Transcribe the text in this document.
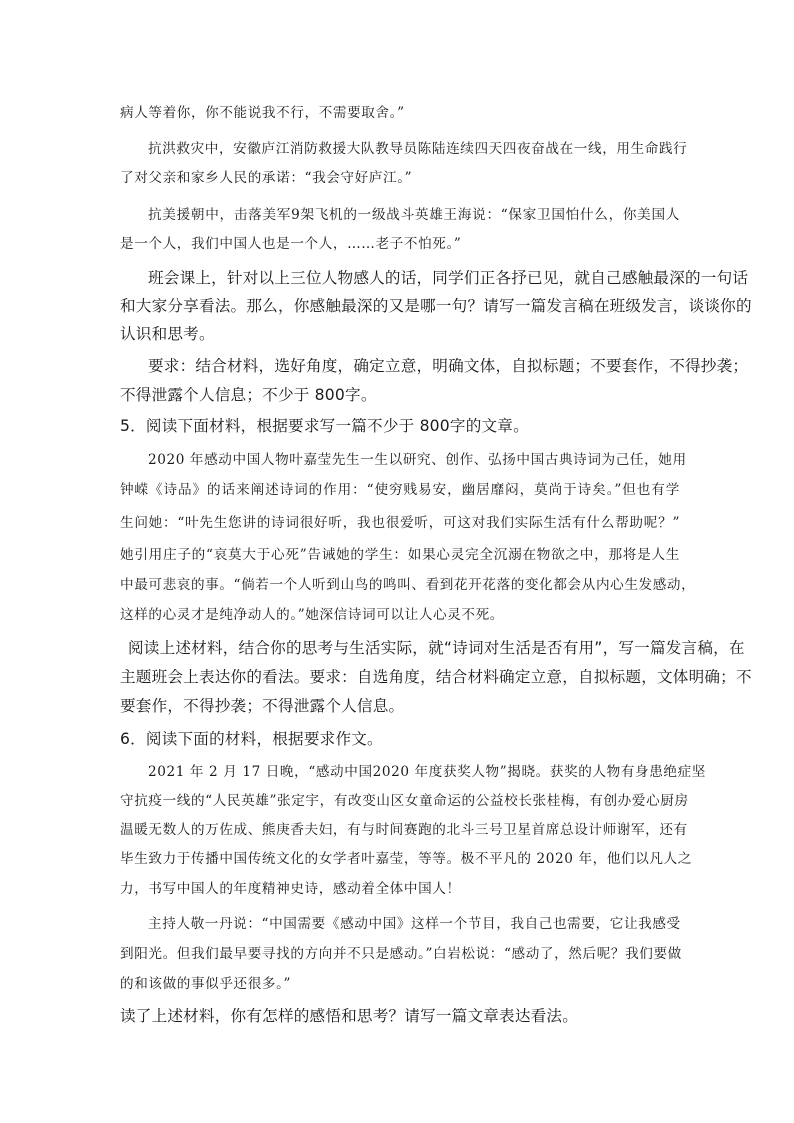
病人等着你，你不能说我不行，不需要取舍。”
抗洪救灾中，安徽庐江消防救援大队教导员陈陆连续四天四夜奋战在一线，用生命践行
了对父亲和家乡人民的承诺：“我会守好庐江。”
抗美援朝中，击落美军9架飞机的一级战斗英雄王海说：“保家卫国怕什么，你美国人
是一个人，我们中国人也是一个人，……老子不怕死。”
班会课上，针对以上三位人物感人的话，同学们正各抒已见，就自己感触最深的一句话
和大家分享看法。那么，你感触最深的又是哪一句？请写一篇发言稿在班级发言，谈谈你的
认识和思考。
要求：结合材料，选好角度，确定立意，明确文体，自拟标题；不要套作，不得抄袭；
不得泄露个人信息；不少于 800字。
5．阅读下面材料，根据要求写一篇不少于 800字的文章。
2020 年感动中国人物叶嘉莹先生一生以研究、创作、弘扬中国古典诗词为己任，她用
钟嵘《诗品》的话来阐述诗词的作用：“使穷贱易安，幽居靡闷，莫尚于诗矣。”但也有学
生问她：“叶先生您讲的诗词很好听，我也很爱听，可这对我们实际生活有什么帮助呢？”
她引用庄子的“哀莫大于心死”告诫她的学生：如果心灵完全沉溺在物欲之中，那将是人生
中最可悲哀的事。“倘若一个人听到山鸟的鸣叫、看到花开花落的变化都会从内心生发感动，
这样的心灵才是纯净动人的。”她深信诗词可以让人心灵不死。
阅读上述材料，结合你的思考与生活实际，就“诗词对生活是否有用”，写一篇发言稿，在
主题班会上表达你的看法。要求：自选角度，结合材料确定立意，自拟标题，文体明确；不
要套作，不得抄袭；不得泄露个人信息。
6．阅读下面的材料，根据要求作文。
2021 年 2 月 17 日晚，“感动中国2020 年度获奖人物”揭晓。获奖的人物有身患绝症坚
守抗疫一线的“人民英雄”张定宇，有改变山区女童命运的公益校长张桂梅，有创办爱心厨房
温暖无数人的万佐成、熊庚香夫妇，有与时间赛跑的北斗三号卫星首席总设计师谢军，还有
毕生致力于传播中国传统文化的女学者叶嘉莹，等等。极不平凡的 2020 年，他们以凡人之
力，书写中国人的年度精神史诗，感动着全体中国人！
主持人敬一丹说：“中国需要《感动中国》这样一个节目，我自己也需要，它让我感受
到阳光。但我们最早要寻找的方向并不只是感动。”白岩松说：“感动了，然后呢？我们要做
的和该做的事似乎还很多。”
读了上述材料，你有怎样的感悟和思考？请写一篇文章表达看法。
